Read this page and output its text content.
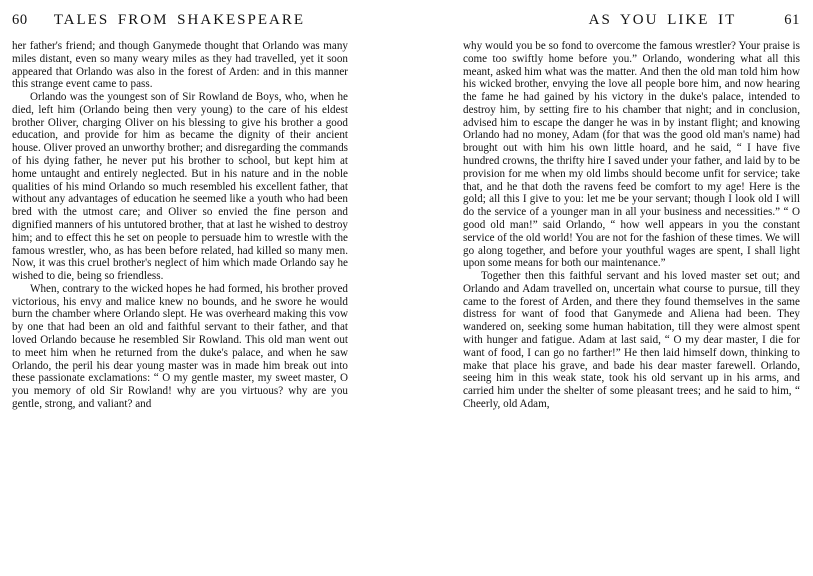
60 TALES FROM SHAKESPEARE

her father's friend; and though Ganymede thought that Orlando was many miles distant, even so many weary miles as they had travelled, yet it soon appeared that Orlando was also in the forest of Arden: and in this manner this strange event came to pass.

Orlando was the youngest son of Sir Rowland de Boys, who, when he died, left him (Orlando being then very young) to the care of his eldest brother Oliver, charging Oliver on his blessing to give his brother a good education, and provide for him as became the dignity of their ancient house. Oliver proved an unworthy brother; and disregarding the commands of his dying father, he never put his brother to school, but kept him at home untaught and entirely neglected. But in his nature and in the noble qualities of his mind Orlando so much resembled his excellent father, that without any advantages of education he seemed like a youth who had been bred with the utmost care; and Oliver so envied the fine person and dignified manners of his untutored brother, that at last he wished to destroy him; and to effect this he set on people to persuade him to wrestle with the famous wrestler, who, as has been before related, had killed so many men. Now, it was this cruel brother's neglect of him which made Orlando say he wished to die, being so friendless.

When, contrary to the wicked hopes he had formed, his brother proved victorious, his envy and malice knew no bounds, and he swore he would burn the chamber where Orlando slept. He was overheard making this vow by one that had been an old and faithful servant to their father, and that loved Orlando because he resembled Sir Rowland. This old man went out to meet him when he returned from the duke's palace, and when he saw Orlando, the peril his dear young master was in made him break out into these passionate exclamations: “ O my gentle master, my sweet master, O you memory of old Sir Rowland! why are you virtuous? why are you gentle, strong, and valiant? and

AS YOU LIKE IT	61

why would you be so fond to overcome the famous wrestler? Your praise is come too swiftly home before you.” Orlando, wondering what all this meant, asked him what was the matter. And then the old man told him how his wicked brother, envying the love all people bore him, and now hearing the fame he had gained by his victory in the duke's palace, intended to destroy him, by setting fire to his chamber that night; and in conclusion, advised him to escape the danger he was in by instant flight; and knowing Orlando had no money, Adam (for that was the good old man's name) had brought out with him his own little hoard, and he said, “ I have five hundred crowns, the thrifty hire I saved under your father, and laid by to be provision for me when my old limbs should become unfit for service; take that, and he that doth the ravens feed be comfort to my age! Here is the gold; all this I give to you: let me be your servant; though I look old I will do the service of a younger man in all your business and necessities.” “ O good old man!” said Orlando, “ how well appears in you the constant service of the old world! You are not for the fashion of these times. We will go along together, and before your youthful wages are spent, I shall light upon some means for both our maintenance.”

Together then this faithful servant and his loved master set out; and Orlando and Adam travelled on, uncertain what course to pursue, till they came to the forest of Arden, and there they found themselves in the same distress for want of food that Ganymede and Aliena had been. They wandered on, seeking some human habitation, till they were almost spent with hunger and fatigue. Adam at last said, “ O my dear master, I die for want of food, I can go no farther!” He then laid himself down, thinking to make that place his grave, and bade his dear master farewell. Orlando, seeing him in this weak state, took his old servant up in his arms, and carried him under the shelter of some pleasant trees; and he said to him, “ Cheerly, old Adam,
